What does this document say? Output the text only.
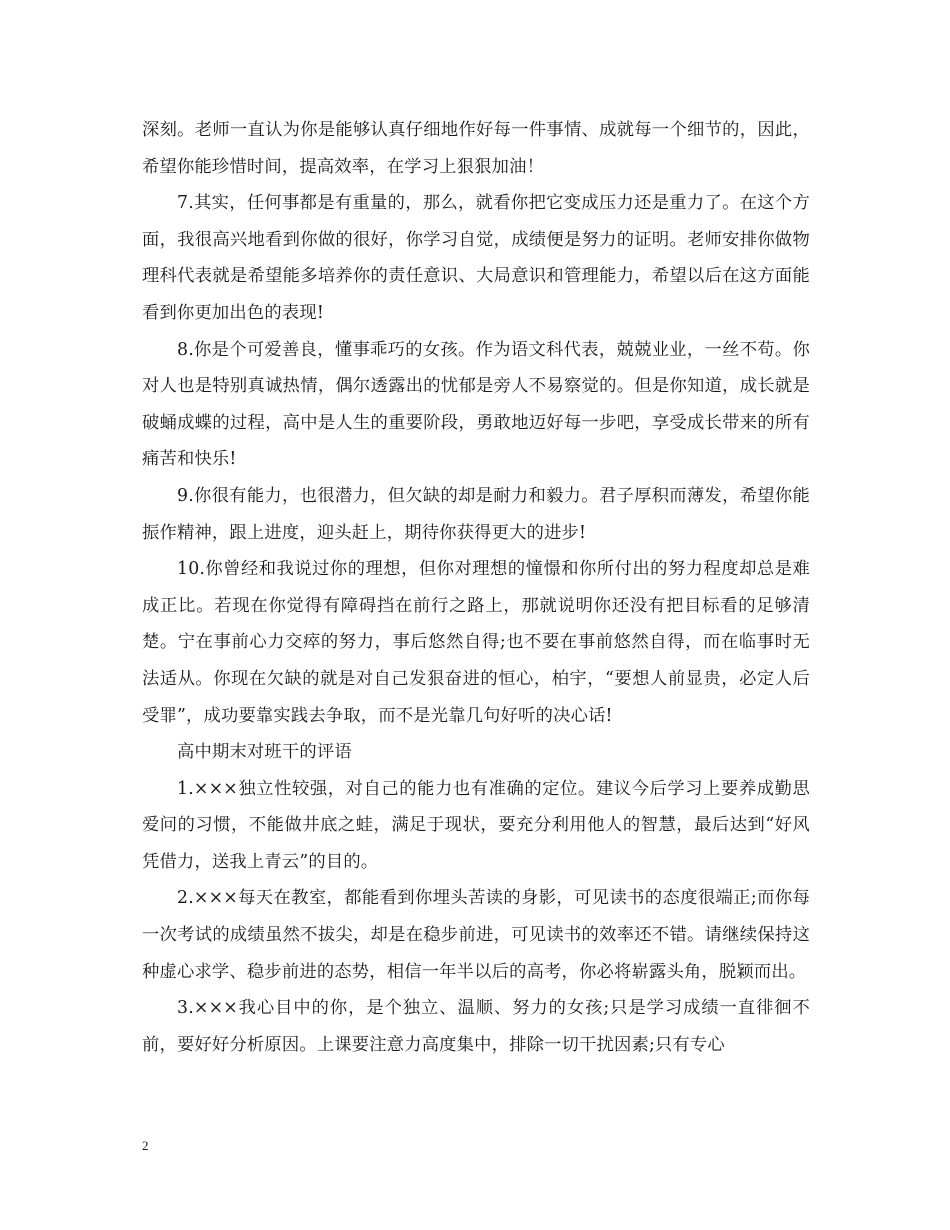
深刻。老师一直认为你是能够认真仔细地作好每一件事情、成就每一个细节的，因此，希望你能珍惜时间，提高效率，在学习上狠狠加油！

7.其实，任何事都是有重量的，那么，就看你把它变成压力还是重力了。在这个方面，我很高兴地看到你做的很好，你学习自觉，成绩便是努力的证明。老师安排你做物理科代表就是希望能多培养你的责任意识、大局意识和管理能力，希望以后在这方面能看到你更加出色的表现!

8.你是个可爱善良，懂事乖巧的女孩。作为语文科代表，兢兢业业，一丝不苟。你对人也是特别真诚热情，偶尔透露出的忧郁是旁人不易察觉的。但是你知道，成长就是破蛹成蝶的过程，高中是人生的重要阶段，勇敢地迈好每一步吧，享受成长带来的所有痛苦和快乐!

9.你很有能力，也很潜力，但欠缺的却是耐力和毅力。君子厚积而薄发，希望你能振作精神，跟上进度，迎头赶上，期待你获得更大的进步!

10.你曾经和我说过你的理想，但你对理想的憧憬和你所付出的努力程度却总是难成正比。若现在你觉得有障碍挡在前行之路上，那就说明你还没有把目标看的足够清楚。宁在事前心力交瘁的努力，事后悠然自得;也不要在事前悠然自得，而在临事时无法适从。你现在欠缺的就是对自己发狠奋进的恒心，柏宇，“要想人前显贵，必定人后受罪”，成功要靠实践去争取，而不是光靠几句好听的决心话!

高中期末对班干的评语

1.×××独立性较强，对自己的能力也有准确的定位。建议今后学习上要养成勤思爱问的习惯，不能做井底之蛙，满足于现状，要充分利用他人的智慧，最后达到“好风凭借力，送我上青云”的目的。

2.×××每天在教室，都能看到你埋头苦读的身影，可见读书的态度很端正;而你每一次考试的成绩虽然不拔尖，却是在稳步前进，可见读书的效率还不错。请继续保持这种虚心求学、稳步前进的态势，相信一年半以后的高考，你必将崭露头角，脱颖而出。

3.×××我心目中的你，是个独立、温顺、努力的女孩;只是学习成绩一直徘徊不前，要好好分析原因。上课要注意力高度集中，排除一切干扰因素;只有专心

2
